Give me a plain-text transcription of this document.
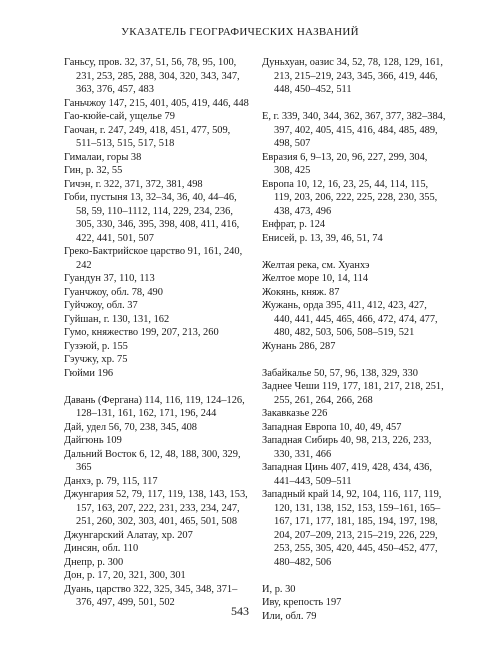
УКАЗАТЕЛЬ ГЕОГРАФИЧЕСКИХ НАЗВАНИЙ
Ганьсу, пров. 32, 37, 51, 56, 78, 95, 100, 231, 253, 285, 288, 304, 320, 343, 347, 363, 376, 457, 483
Ганьчжоу 147, 215, 401, 405, 419, 446, 448
Гао-кюйе-сай, ущелье 79
Гаочан, г. 247, 249, 418, 451, 477, 509, 511–513, 515, 517, 518
Гималаи, горы 38
Гин, р. 32, 55
Гичэн, г. 322, 371, 372, 381, 498
Гоби, пустыня 13, 32–34, 36, 40, 44–46, 58, 59, 110–1112, 114, 229, 234, 236, 305, 330, 346, 395, 398, 408, 411, 416, 422, 441, 501, 507
Греко-Бактрийское царство 91, 161, 240, 242
Гуандун 37, 110, 113
Гуанчжоу, обл. 78, 490
Гуйчжоу, обл. 37
Гуйшан, г. 130, 131, 162
Гумо, княжество 199, 207, 213, 260
Гузэюй, р. 155
Гэучжу, хр. 75
Гюйми 196
Давань (Фергана) 114, 116, 119, 124–126, 128–131, 161, 162, 171, 196, 244
Дай, удел 56, 70, 238, 345, 408
Дайгюнь 109
Дальний Восток 6, 12, 48, 188, 300, 329, 365
Данхэ, р. 79, 115, 117
Джунгария 52, 79, 117, 119, 138, 143, 153, 157, 163, 207, 222, 231, 233, 234, 247, 251, 260, 302, 303, 401, 465, 501, 508
Джунгарский Алатау, хр. 207
Динсян, обл. 110
Днепр, р. 300
Дон, р. 17, 20, 321, 300, 301
Дуань, царство 322, 325, 345, 348, 371–376, 497, 499, 501, 502
Дуньхуан, оазис 34, 52, 78, 128, 129, 161, 213, 215–219, 243, 345, 366, 419, 446, 448, 450–452, 511
Е, г. 339, 340, 344, 362, 367, 377, 382–384, 397, 402, 405, 415, 416, 484, 485, 489, 498, 507
Евразия 6, 9–13, 20, 96, 227, 299, 304, 308, 425
Европа 10, 12, 16, 23, 25, 44, 114, 115, 119, 203, 206, 222, 225, 228, 230, 355, 438, 473, 496
Енфрат, р. 124
Енисей, р. 13, 39, 46, 51, 74
Желтая река, см. Хуанхэ
Желтое море 10, 14, 114
Жокянь, княж. 87
Жужань, орда 395, 411, 412, 423, 427, 440, 441, 445, 465, 466, 472, 474, 477, 480, 482, 503, 506, 508–519, 521
Жунань 286, 287
Забайкалье 50, 57, 96, 138, 329, 330
Заднее Чеши 119, 177, 181, 217, 218, 251, 255, 261, 264, 266, 268
Закавказье 226
Западная Европа 10, 40, 49, 457
Западная Сибирь 40, 98, 213, 226, 233, 330, 331, 466
Западная Цинь 407, 419, 428, 434, 436, 441–443, 509–511
Западный край 14, 92, 104, 116, 117, 119, 120, 131, 138, 152, 153, 159–161, 165–167, 171, 177, 181, 185, 194, 197, 198, 204, 207–209, 213, 215–219, 226, 229, 253, 255, 305, 420, 445, 450–452, 477, 480–482, 506
И, р. 30
Иву, крепость 197
Или, обл. 79
543
